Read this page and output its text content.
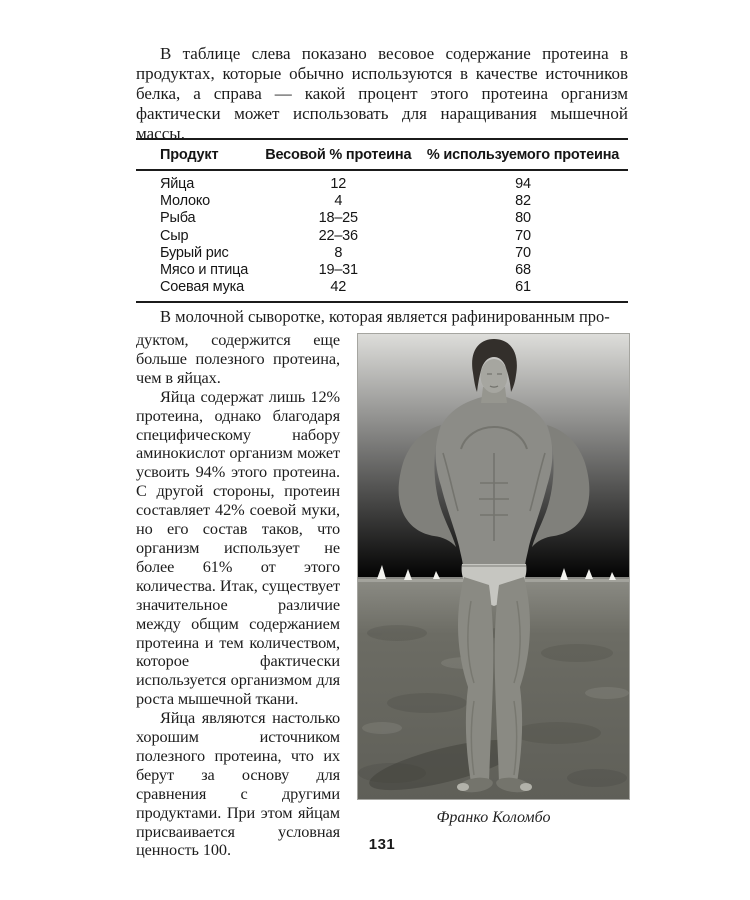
В таблице слева показано весовое содержание протеина в продуктах, которые обычно используются в качестве источников белка, а справа — какой процент этого протеина организм фактически может использовать для наращивания мышечной массы.

Продукт	Весовой % протеина	% используемого протеина
Яйца	12	94
Молоко	4	82
Рыба	18–25	80
Сыр	22–36	70
Бурый рис	8	70
Мясо и птица	19–31	68
Соевая мука	42	61

В молочной сыворотке, которая является рафинированным про-

дуктом, содержится еще больше полезного протеина, чем в яйцах.

Яйца содержат лишь 12% протеина, однако благодаря специфическому набору аминокислот организм может усвоить 94% этого протеина. С другой стороны, протеин составляет 42% соевой муки, но его состав таков, что организм использует не более 61% от этого количества. Итак, существует значительное различие между общим содержанием протеина и тем количеством, которое фактически используется организмом для роста мышечной ткани.

Яйца являются настолько хорошим источником полезного протеина, что их берут за основу для сравнения с другими продуктами. При этом яйцам присваивается условная ценность 100.

Франко Коломбо
131
